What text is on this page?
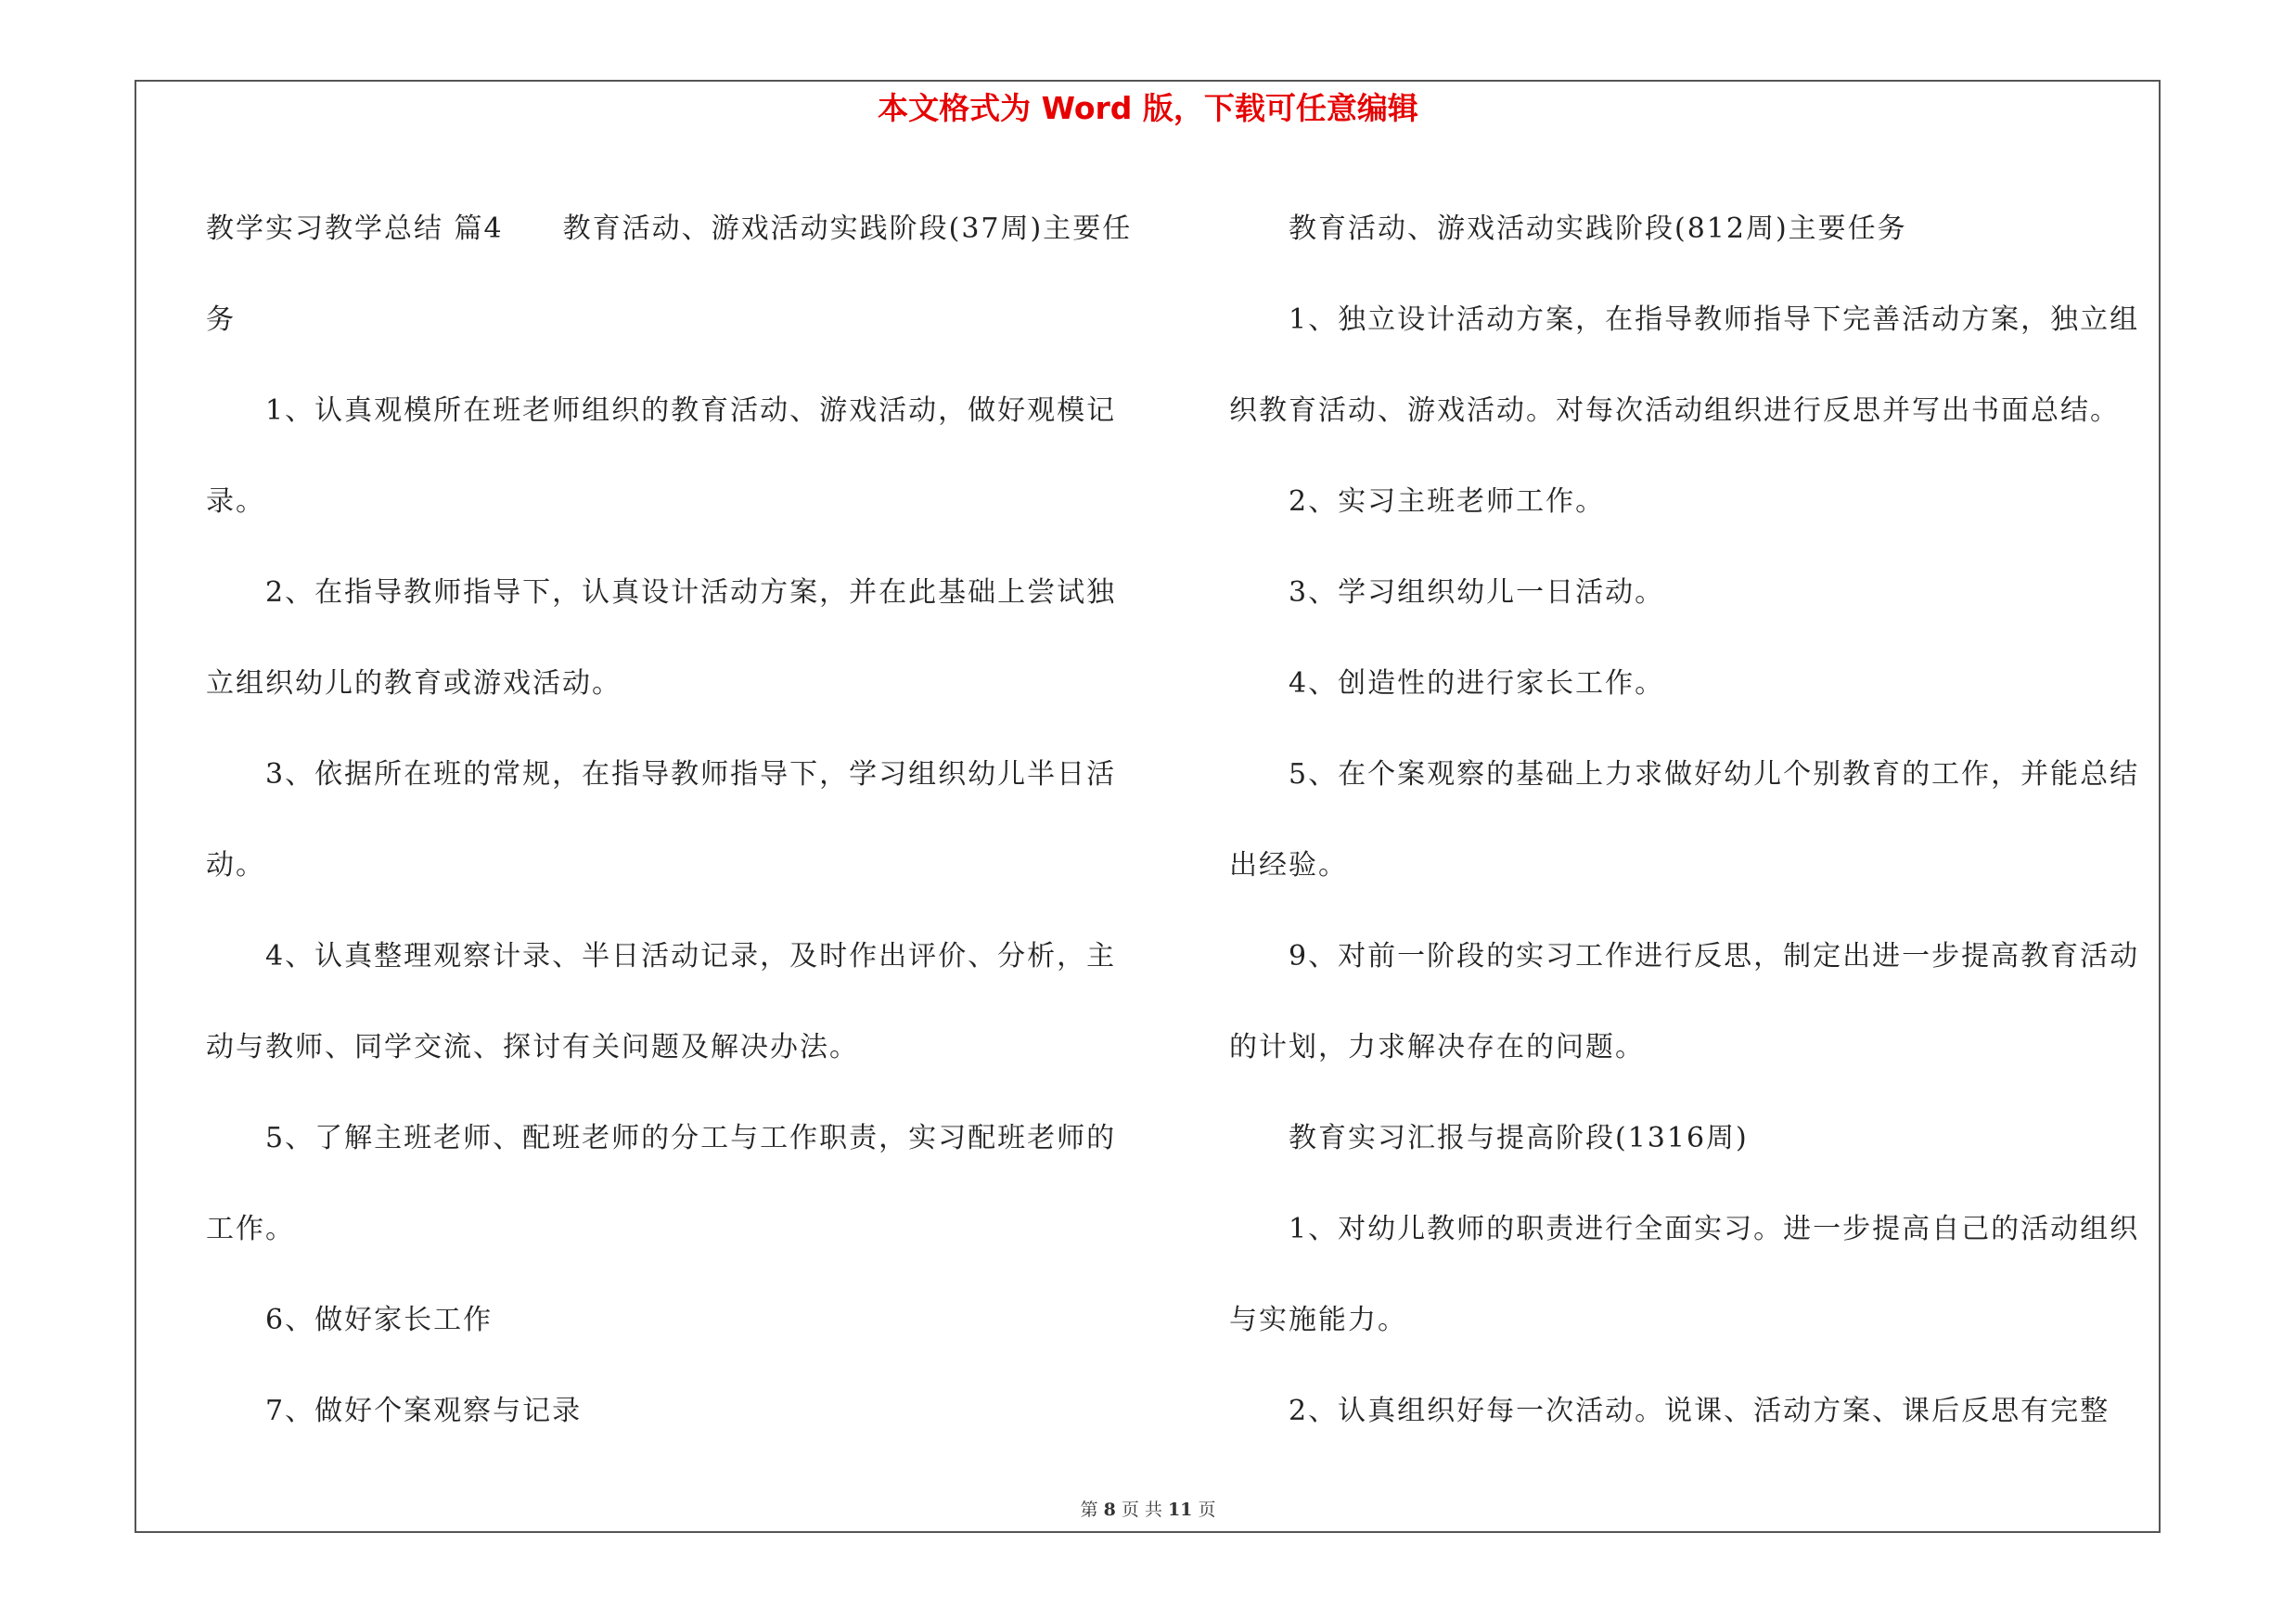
本文格式为 Word 版，下载可任意编辑
教学实习教学总结 篇4　　教育活动、游戏活动实践阶段(37周)主要任务
1、认真观模所在班老师组织的教育活动、游戏活动，做好观模记录。
2、在指导教师指导下，认真设计活动方案，并在此基础上尝试独立组织幼儿的教育或游戏活动。
3、依据所在班的常规，在指导教师指导下，学习组织幼儿半日活动。
4、认真整理观察计录、半日活动记录，及时作出评价、分析，主动与教师、同学交流、探讨有关问题及解决办法。
5、了解主班老师、配班老师的分工与工作职责，实习配班老师的工作。
6、做好家长工作
7、做好个案观察与记录
教育活动、游戏活动实践阶段(812周)主要任务
1、独立设计活动方案，在指导教师指导下完善活动方案，独立组织教育活动、游戏活动。对每次活动组织进行反思并写出书面总结。
2、实习主班老师工作。
3、学习组织幼儿一日活动。
4、创造性的进行家长工作。
5、在个案观察的基础上力求做好幼儿个别教育的工作，并能总结出经验。
9、对前一阶段的实习工作进行反思，制定出进一步提高教育活动的计划，力求解决存在的问题。
教育实习汇报与提高阶段(1316周)
1、对幼儿教师的职责进行全面实习。进一步提高自己的活动组织与实施能力。
2、认真组织好每一次活动。说课、活动方案、课后反思有完整
第 8 页 共 11 页
